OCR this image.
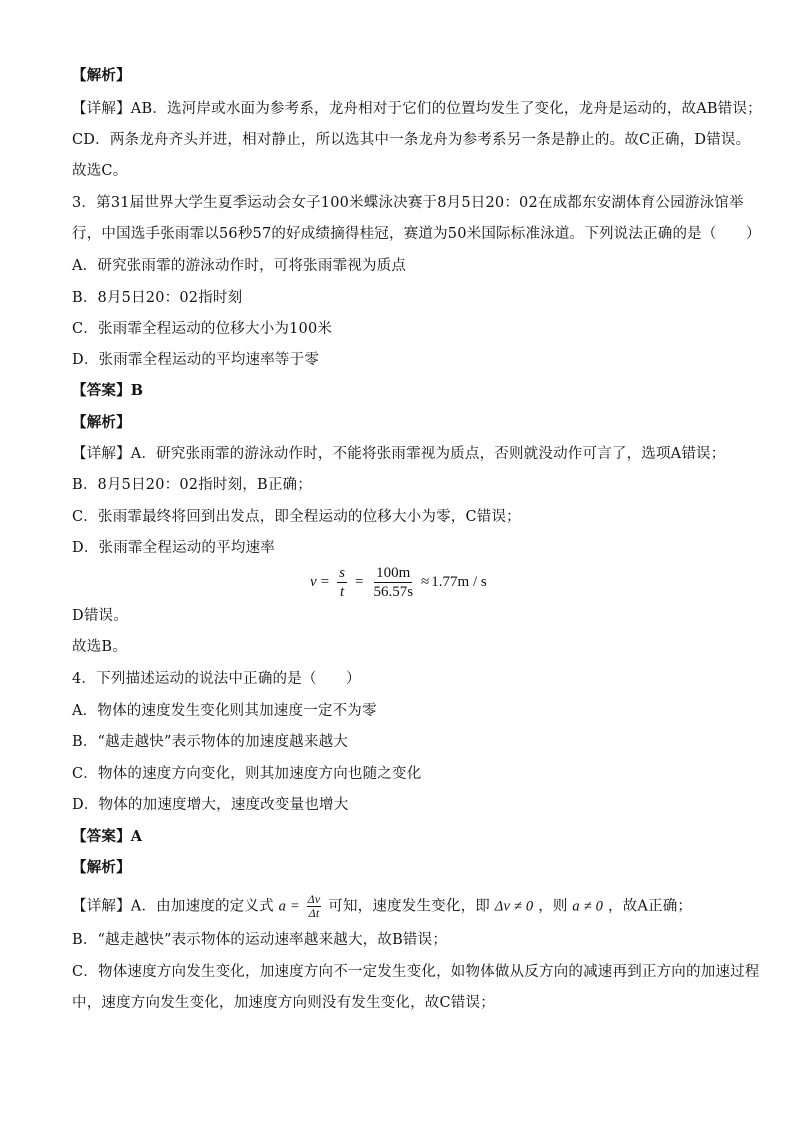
【解析】
【详解】AB．选河岸或水面为参考系，龙舟相对于它们的位置均发生了变化，龙舟是运动的，故AB错误；
CD．两条龙舟齐头并进，相对静止，所以选其中一条龙舟为参考系另一条是静止的。故C正确，D错误。
故选C。
3．第31届世界大学生夏季运动会女子100米蝶泳决赛于8月5日20：02在成都东安湖体育公园游泳馆举
行，中国选手张雨霏以56秒57的好成绩摘得桂冠，赛道为50米国际标准泳道。下列说法正确的是（　　）
A．研究张雨霏的游泳动作时，可将张雨霏视为质点
B．8月5日20：02指时刻
C．张雨霏全程运动的位移大小为100米
D．张雨霏全程运动的平均速率等于零
【答案】B
【解析】
【详解】A．研究张雨霏的游泳动作时，不能将张雨霏视为质点，否则就没动作可言了，选项A错误；
B．8月5日20：02指时刻，B正确；
C．张雨霏最终将回到出发点，即全程运动的位移大小为零，C错误；
D．张雨霏全程运动的平均速率
$v = \frac{s}{t} = \frac{100m}{56.57s} \approx 1.77m / s$
D错误。
故选B。
4．下列描述运动的说法中正确的是（　　）
A．物体的速度发生变化则其加速度一定不为零
B．“越走越快”表示物体的加速度越来越大
C．物体的速度方向变化，则其加速度方向也随之变化
D．物体的加速度增大，速度改变量也增大
【答案】A
【解析】
【详解】A．由加速度的定义式 $a = \frac{\Delta v}{\Delta t}$ 可知，速度发生变化，即 Δv ≠ 0 ，则 a ≠ 0 ，故A正确；
B．“越走越快”表示物体的运动速率越来越大，故B错误；
C．物体速度方向发生变化，加速度方向不一定发生变化，如物体做从反方向的减速再到正方向的加速过程
中，速度方向发生变化，加速度方向则没有发生变化，故C错误；
